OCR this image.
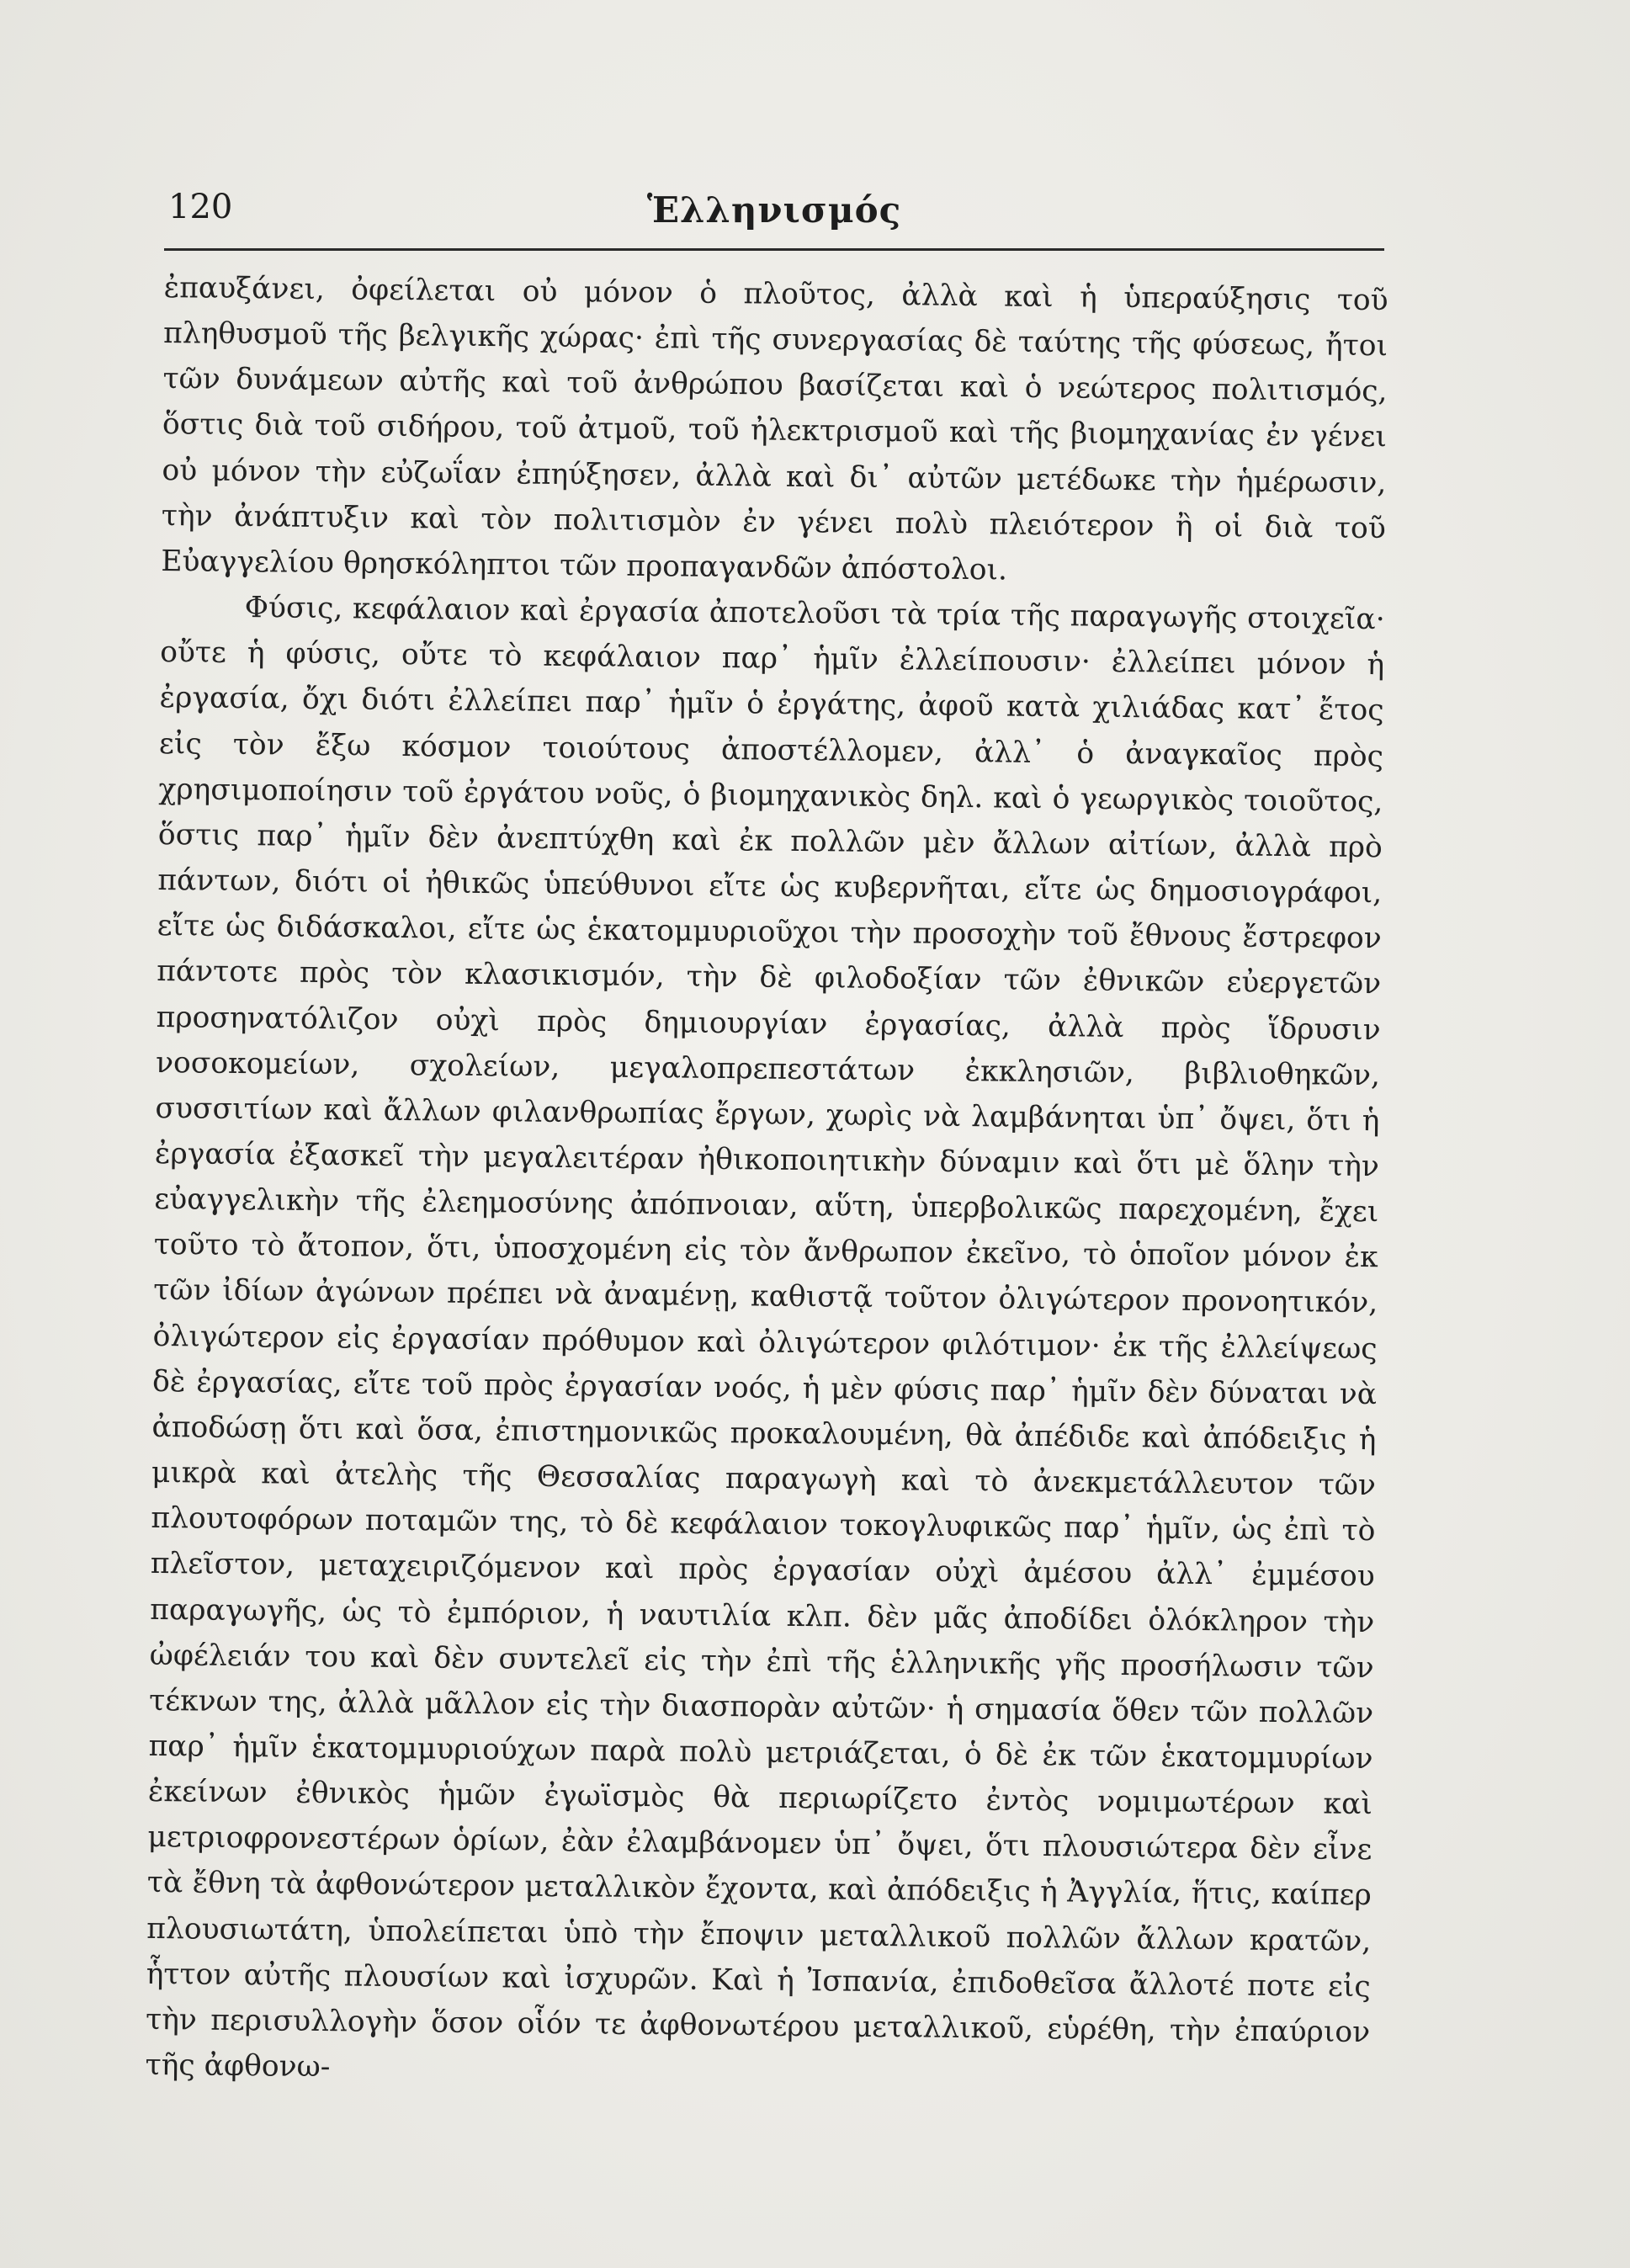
120	Ἑλληνισμός

ἐπαυξάνει, ὀφείλεται οὐ μόνον ὁ πλοῦτος, ἀλλὰ καὶ ἡ ὑπεραύξησις τοῦ πληθυσμοῦ τῆς βελγικῆς χώρας· ἐπὶ τῆς συνεργασίας δὲ ταύτης τῆς φύσεως, ἤτοι τῶν δυνάμεων αὐτῆς καὶ τοῦ ἀνθρώπου βασίζεται καὶ ὁ νεώτερος πολιτισμός, ὅστις διὰ τοῦ σιδήρου, τοῦ ἀτμοῦ, τοῦ ἠλεκτρισμοῦ καὶ τῆς βιομηχανίας ἐν γένει οὐ μόνον τὴν εὐζωΐαν ἐπηύξησεν, ἀλλὰ καὶ δι᾿ αὐτῶν μετέδωκε τὴν ἡμέρωσιν, τὴν ἀνάπτυξιν καὶ τὸν πολιτισμὸν ἐν γένει πολὺ πλειότερον ἢ οἱ διὰ τοῦ Εὐαγγελίου θρησκόληπτοι τῶν προπαγανδῶν ἀπόστολοι.

Φύσις, κεφάλαιον καὶ ἐργασία ἀποτελοῦσι τὰ τρία τῆς παραγωγῆς στοιχεῖα· οὔτε ἡ φύσις, οὔτε τὸ κεφάλαιον παρ᾿ ἡμῖν ἐλλείπουσιν· ἐλλείπει μόνον ἡ ἐργασία, ὄχι διότι ἐλλείπει παρ᾿ ἡμῖν ὁ ἐργάτης, ἀφοῦ κατὰ χιλιάδας κατ᾿ ἔτος εἰς τὸν ἔξω κόσμον τοιούτους ἀποστέλλομεν, ἀλλ᾿ ὁ ἀναγκαῖος πρὸς χρησιμοποίησιν τοῦ ἐργάτου νοῦς, ὁ βιομηχανικὸς δηλ. καὶ ὁ γεωργικὸς τοιοῦτος, ὅστις παρ᾿ ἡμῖν δὲν ἀνεπτύχθη καὶ ἐκ πολλῶν μὲν ἄλλων αἰτίων, ἀλλὰ πρὸ πάντων, διότι οἱ ἠθικῶς ὑπεύθυνοι εἴτε ὡς κυβερνῆται, εἴτε ὡς δημοσιογράφοι, εἴτε ὡς διδάσκαλοι, εἴτε ὡς ἑκατομμυριοῦχοι τὴν προσοχὴν τοῦ ἔθνους ἔστρεφον πάντοτε πρὸς τὸν κλασικισμόν, τὴν δὲ φιλοδοξίαν τῶν ἐθνικῶν εὐεργετῶν προσηνατόλιζον οὐχὶ πρὸς δημιουργίαν ἐργασίας, ἀλλὰ πρὸς ἵδρυσιν νοσοκομείων, σχολείων, μεγαλοπρεπεστάτων ἐκκλησιῶν, βιβλιοθηκῶν, συσσιτίων καὶ ἄλλων φιλανθρωπίας ἔργων, χωρὶς νὰ λαμβάνηται ὑπ᾿ ὄψει, ὅτι ἡ ἐργασία ἐξασκεῖ τὴν μεγαλειτέραν ἠθικοποιητικὴν δύναμιν καὶ ὅτι μὲ ὅλην τὴν εὐαγγελικὴν τῆς ἐλεημοσύνης ἀπόπνοιαν, αὕτη, ὑπερβολικῶς παρεχομένη, ἔχει τοῦτο τὸ ἄτοπον, ὅτι, ὑποσχομένη εἰς τὸν ἄνθρωπον ἐκεῖνο, τὸ ὁποῖον μόνον ἐκ τῶν ἰδίων ἀγώνων πρέπει νὰ ἀναμένῃ, καθιστᾷ τοῦτον ὀλιγώτερον προνοητικόν, ὀλιγώτερον εἰς ἐργασίαν πρόθυμον καὶ ὀλιγώτερον φιλότιμον· ἐκ τῆς ἐλλείψεως δὲ ἐργασίας, εἴτε τοῦ πρὸς ἐργασίαν νοός, ἡ μὲν φύσις παρ᾿ ἡμῖν δὲν δύναται νὰ ἀποδώσῃ ὅτι καὶ ὅσα, ἐπιστημονικῶς προκαλουμένη, θὰ ἀπέδιδε καὶ ἀπόδειξις ἡ μικρὰ καὶ ἀτελὴς τῆς Θεσσαλίας παραγωγὴ καὶ τὸ ἀνεκμετάλλευτον τῶν πλουτοφόρων ποταμῶν της, τὸ δὲ κεφάλαιον τοκογλυφικῶς παρ᾿ ἡμῖν, ὡς ἐπὶ τὸ πλεῖστον, μεταχειριζόμενον καὶ πρὸς ἐργασίαν οὐχὶ ἀμέσου ἀλλ᾿ ἐμμέσου παραγωγῆς, ὡς τὸ ἐμπόριον, ἡ ναυτιλία κλπ. δὲν μᾶς ἀποδίδει ὁλόκληρον τὴν ὠφέλειάν του καὶ δὲν συντελεῖ εἰς τὴν ἐπὶ τῆς ἑλληνικῆς γῆς προσήλωσιν τῶν τέκνων της, ἀλλὰ μᾶλλον εἰς τὴν διασπορὰν αὐτῶν· ἡ σημασία ὅθεν τῶν πολλῶν παρ᾿ ἡμῖν ἑκατομμυριούχων παρὰ πολὺ μετριάζεται, ὁ δὲ ἐκ τῶν ἑκατομμυρίων ἐκείνων ἐθνικὸς ἡμῶν ἐγωϊσμὸς θὰ περιωρίζετο ἐντὸς νομιμωτέρων καὶ μετριοφρονεστέρων ὁρίων, ἐὰν ἐλαμβάνομεν ὑπ᾿ ὄψει, ὅτι πλουσιώτερα δὲν εἶνε τὰ ἔθνη τὰ ἀφθονώτερον μεταλλικὸν ἔχοντα, καὶ ἀπόδειξις ἡ Ἀγγλία, ἥτις, καίπερ πλουσιωτάτη, ὑπολείπεται ὑπὸ τὴν ἔποψιν μεταλλικοῦ πολλῶν ἄλλων κρατῶν, ἧττον αὐτῆς πλουσίων καὶ ἰσχυρῶν. Καὶ ἡ Ἰσπανία, ἐπιδοθεῖσα ἄλλοτέ ποτε εἰς τὴν περισυλλογὴν ὅσον οἷόν τε ἀφθονωτέρου μεταλλικοῦ, εὑρέθη, τὴν ἐπαύριον τῆς ἀφθονω-
